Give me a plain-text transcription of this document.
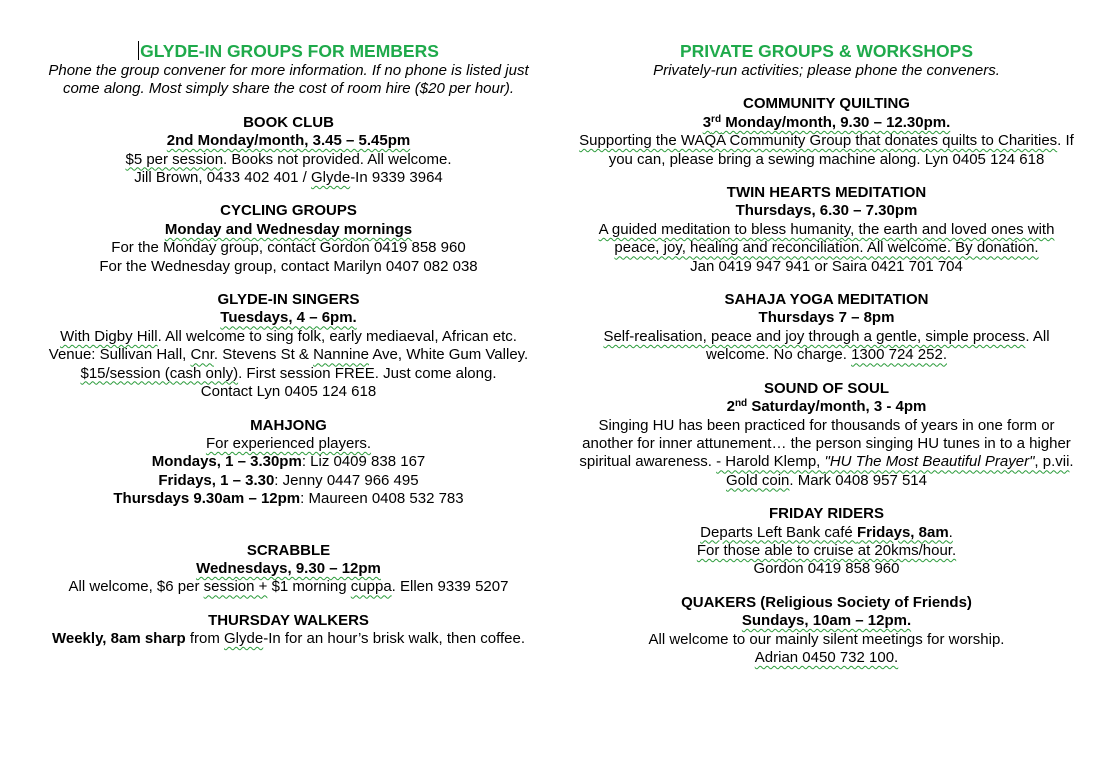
GLYDE-IN GROUPS FOR MEMBERS
Phone the group convener for more information. If no phone is listed just come along. Most simply share the cost of room hire ($20 per hour).
BOOK CLUB
2nd Monday/month, 3.45 – 5.45pm
$5 per session. Books not provided. All welcome.
Jill Brown, 0433 402 401 / Glyde-In 9339 3964
CYCLING GROUPS
Monday and Wednesday mornings
For the Monday group, contact Gordon 0419 858 960
For the Wednesday group, contact Marilyn 0407 082 038
GLYDE-IN SINGERS
Tuesdays, 4 – 6pm.
With Digby Hill. All welcome to sing folk, early mediaeval, African etc.
Venue: Sullivan Hall, Cnr. Stevens St & Nannine Ave, White Gum Valley.
$15/session (cash only). First session FREE. Just come along.
Contact Lyn 0405 124 618
MAHJONG
For experienced players.
Mondays, 1 – 3.30pm: Liz 0409 838 167
Fridays, 1 – 3.30: Jenny 0447 966 495
Thursdays 9.30am – 12pm: Maureen 0408 532 783
SCRABBLE
Wednesdays, 9.30 – 12pm
All welcome, $6 per session + $1 morning cuppa. Ellen 9339 5207
THURSDAY WALKERS
Weekly, 8am sharp from Glyde-In for an hour’s brisk walk, then coffee.
PRIVATE GROUPS & WORKSHOPS
Privately-run activities; please phone the conveners.
COMMUNITY QUILTING
3rd Monday/month, 9.30 – 12.30pm.
Supporting the WAQA Community Group that donates quilts to Charities. If you can, please bring a sewing machine along. Lyn 0405 124 618
TWIN HEARTS MEDITATION
Thursdays, 6.30 – 7.30pm
A guided meditation to bless humanity, the earth and loved ones with peace, joy, healing and reconciliation. All welcome. By donation.
Jan 0419 947 941 or Saira 0421 701 704
SAHAJA YOGA MEDITATION
Thursdays 7 – 8pm
Self-realisation, peace and joy through a gentle, simple process. All welcome. No charge. 1300 724 252.
SOUND OF SOUL
2nd Saturday/month, 3 - 4pm
Singing HU has been practiced for thousands of years in one form or another for inner attunement… the person singing HU tunes in to a higher spiritual awareness. - Harold Klemp, "HU The Most Beautiful Prayer", p.vii.
Gold coin. Mark 0408 957 514
FRIDAY RIDERS
Departs Left Bank café Fridays, 8am.
For those able to cruise at 20kms/hour.
Gordon 0419 858 960
QUAKERS (Religious Society of Friends)
Sundays, 10am – 12pm.
All welcome to our mainly silent meetings for worship.
Adrian 0450 732 100.
